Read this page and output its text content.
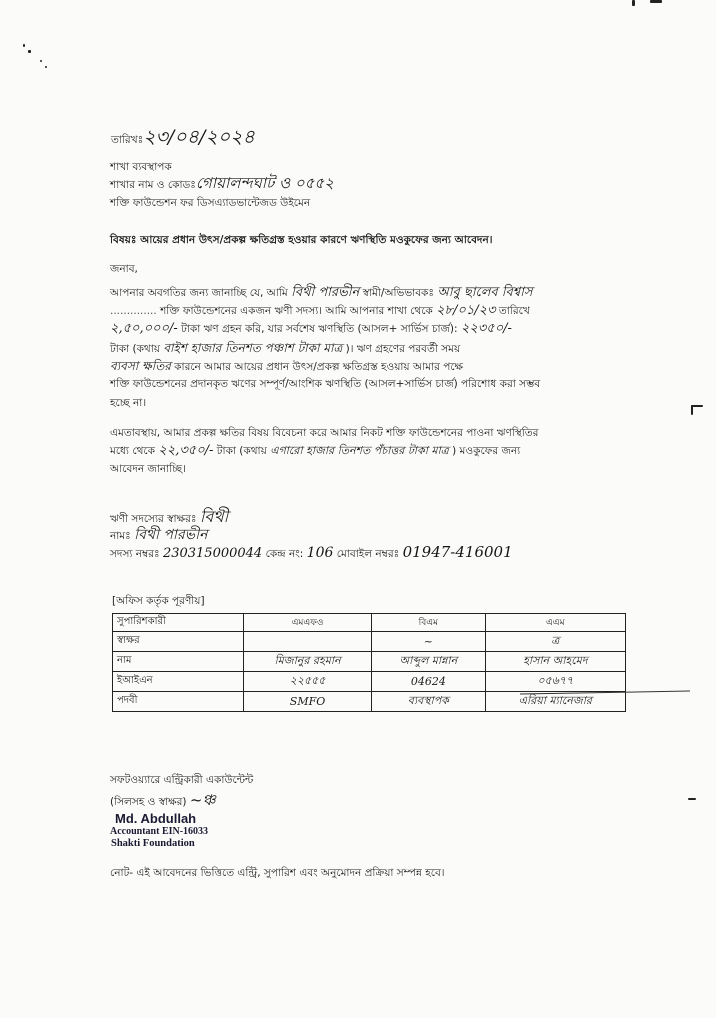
তারিখঃ২৩/০৪/২০২৪
শাখা ব্যবস্থাপক
শাখার নাম ও কোডঃগোয়ালন্দঘাট ও ০৫৫২
শক্তি ফাউন্ডেশন ফর ডিসএ্যাডভান্টেজড উইমেন
বিষয়ঃ আয়ের প্রধান উৎস/প্রকল্প ক্ষতিগ্রস্ত হওয়ার কারণে ঋণস্থিতি মওকুফের জন্য আবেদন।
জনাব,
আপনার অবগতির জন্য জানাচ্ছি যে, আমি বিথী পারভীন স্বামী/অভিভাবকঃ আবু ছালেব বিশ্বাস
.............. শক্তি ফাউন্ডেশনের একজন ঋণী সদস্য। আমি আপনার শাখা থেকে ২৮/০১/২৩ তারিখে
২,৫০,০০০/- টাকা ঋণ গ্রহন করি, যার সর্বশেষ ঋণস্থিতি (আসল+ সার্ভিস চার্জ): ২২৩৫০/-
টাকা (কথায় বাইশ হাজার তিনশত পঞ্চাশ টাকা মাত্র )। ঋণ গ্রহণের পরবর্তী সময়
ব্যবসা ক্ষতির কারনে আমার আয়ের প্রধান উৎস/প্রকল্প ক্ষতিগ্রস্ত হওয়ায় আমার পক্ষে
শক্তি ফাউন্ডেশনের প্রদানকৃত ঋণের সম্পূর্ণ/আংশিক ঋণস্থিতি (আসল+সার্ভিস চার্জ) পরিশোধ করা সম্ভব
হচ্ছে না।
এমতাবস্থায়, আমার প্রকল্প ক্ষতির বিষয় বিবেচনা করে আমার নিকট শক্তি ফাউন্ডেশনের পাওনা ঋণস্থিতির
মধ্যে থেকে ২২,৩৫০/- টাকা (কথায় এগারো হাজার তিনশত পঁচাত্তর টাকা মাত্র ) মওকুফের জন্য
আবেদন জানাচ্ছি।
ঋণী সদস্যের স্বাক্ষরঃ বিথী
নামঃ বিথী পারভীন
সদস্য নম্বরঃ 230315000044 কেন্দ্র নং: 106 মোবাইল নম্বরঃ 01947-416001
[অফিস কর্তৃক পূরণীয়]
সুপারিশকারী	এমএফও	বিএম	এএম
স্বাক্ষর		~	ত্র
নাম	মিজানুর রহমান	আব্দুল মান্নান	হাসান আহমেদ
ইআইএন	২২৫৫৫	04624	০৫৬৭৭
পদবী	SMFO	ব্যবস্থাপক	এরিয়া ম্যানেজার
সফটওয়্যারে এন্ট্রিকারী একাউন্টেন্ট
(সিলসহ ও স্বাক্ষর) ~ঞ্চ
Md. Abdullah
Accountant EIN-16033
Shakti Foundation
নোট- এই আবেদনের ভিত্তিতে এন্ট্রি, সুপারিশ এবং অনুমোদন প্রক্রিয়া সম্পন্ন হবে।
